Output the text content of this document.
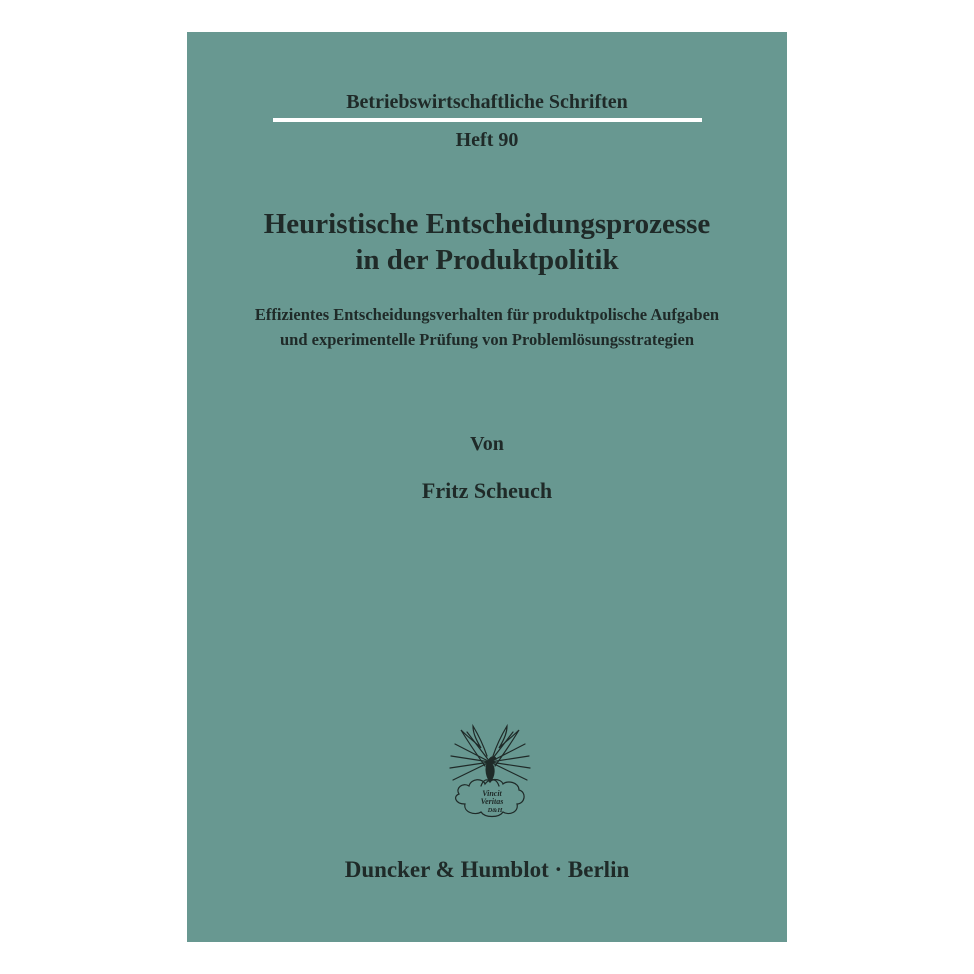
Betriebswirtschaftliche Schriften
Heft 90
Heuristische Entscheidungsprozesse
in der Produktpolitik
Effizientes Entscheidungsverhalten für produktpolische Aufgaben
und experimentelle Prüfung von Problemlösungsstrategien
Von
Fritz Scheuch
Vincit
Veritas
D&H
Duncker & Humblot · Berlin
